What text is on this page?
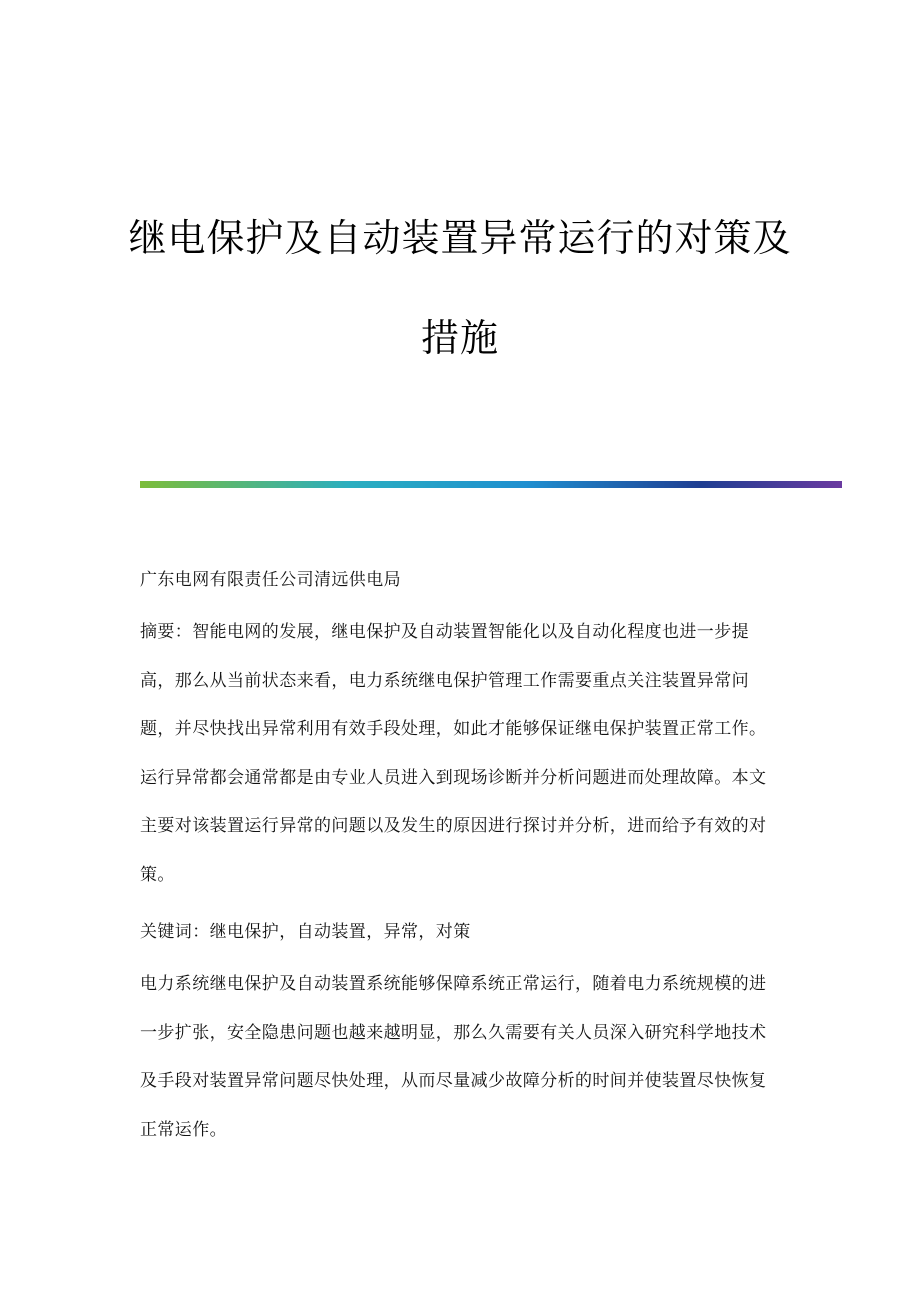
继电保护及自动装置异常运行的对策及
措施
广东电网有限责任公司清远供电局
摘要：智能电网的发展，继电保护及自动装置智能化以及自动化程度也进一步提高，那么从当前状态来看，电力系统继电保护管理工作需要重点关注装置异常问题，并尽快找出异常利用有效手段处理，如此才能够保证继电保护装置正常工作。运行异常都会通常都是由专业人员进入到现场诊断并分析问题进而处理故障。本文主要对该装置运行异常的问题以及发生的原因进行探讨并分析，进而给予有效的对策。
关键词：继电保护，自动装置，异常，对策
电力系统继电保护及自动装置系统能够保障系统正常运行，随着电力系统规模的进一步扩张，安全隐患问题也越来越明显，那么久需要有关人员深入研究科学地技术及手段对装置异常问题尽快处理，从而尽量减少故障分析的时间并使装置尽快恢复正常运作。
